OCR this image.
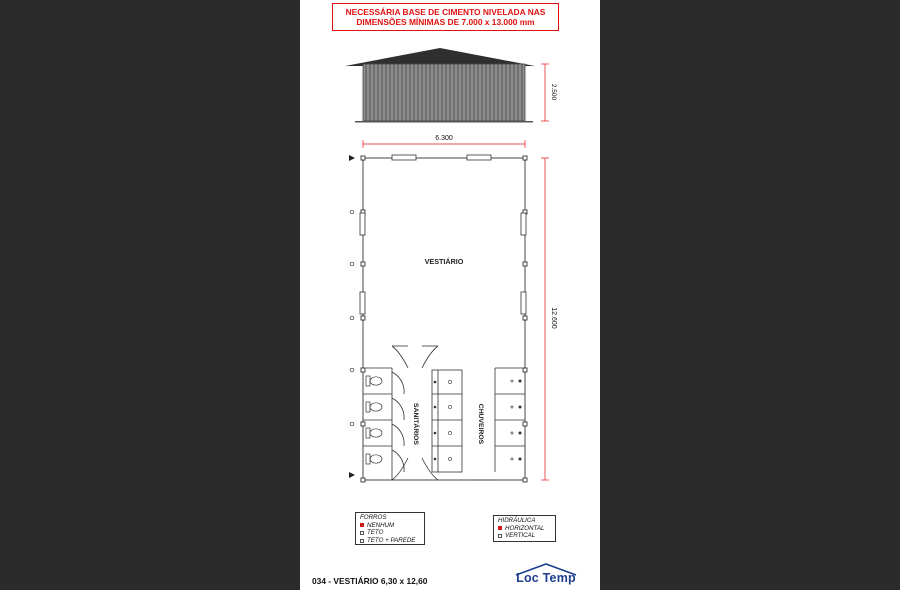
NECESSÁRIA BASE DE CIMENTO NIVELADA NAS
DIMENSÕES MÍNIMAS DE 7.000 x 13.000 mm
2.500
6.300
12.600
VESTIÁRIO
SANITÁRIOS	CHUVEIROS
FORROS
NENHUM
TETO
TETO + PAREDE
HIDRÁULICA
HORIZONTAL
VERTICAL
034 - VESTIÁRIO 6,30 x 12,60	Loc Temp
